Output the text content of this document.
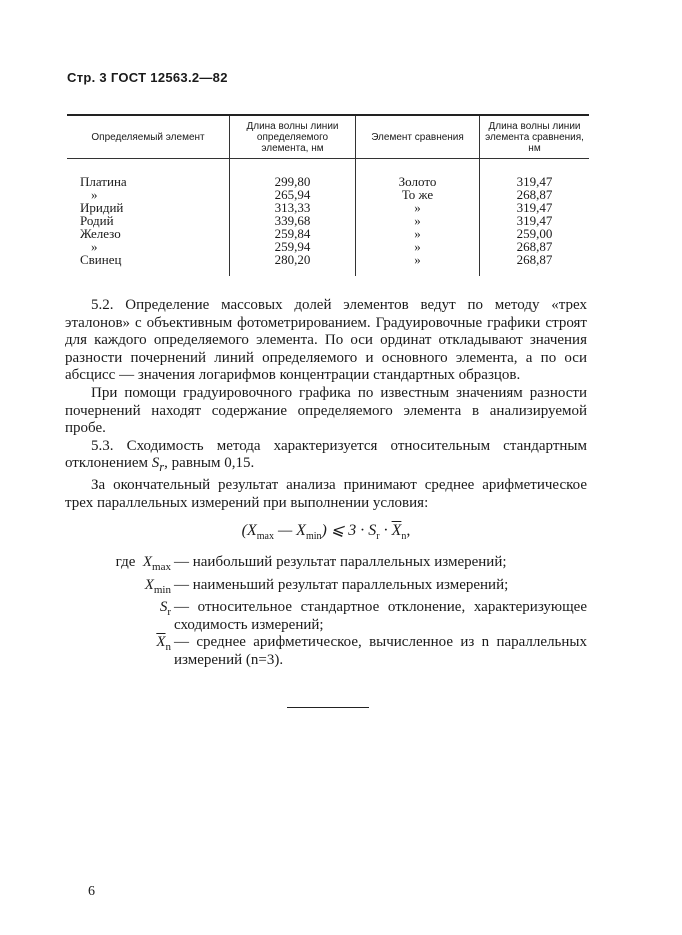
Стр. 3 ГОСТ 12563.2—82
Определяемый элемент	Длина волны линии определяемого элемента, нм	Элемент сравнения	Длина волны линии элемента сравнения, нм
Платина	299,80	Золото	319,47
»	265,94	То же	268,87
Иридий	313,33	»	319,47
Родий	339,68	»	319,47
Железо	259,84	»	259,00
»	259,94	»	268,87
Свинец	280,20	»	268,87

5.2. Определение массовых долей элементов ведут по методу «трех эталонов» с объективным фотометрированием. Градуировочные графики строят для каждого определяемого элемента. По оси ординат откладывают значения разности почернений линий определяемого и основного элемента, а по оси абсцисс — значения логарифмов концентрации стандартных образцов.

При помощи градуировочного графика по известным значениям разности почернений находят содержание определяемого элемента в анализируемой пробе.

5.3. Сходимость метода характеризуется относительным стандартным отклонением $S_r$, равным 0,15.

За окончательный результат анализа принимают среднее арифметическое трех параллельных измерений при выполнении условия:

($X_{max}$ — $X_{min}$) ⩽ $3 \cdot S_r \cdot \overline{X}_n$,
где  $X_{max}$ — наибольший результат параллельных измерений;
$X_{min}$ — наименьший результат параллельных измерений;
$S_r$ — относительное стандартное отклонение, характеризующее сходимость измерений;
$\overline{X}_n$ — среднее арифметическое, вычисленное из n параллельных измерений (n=3).
6
